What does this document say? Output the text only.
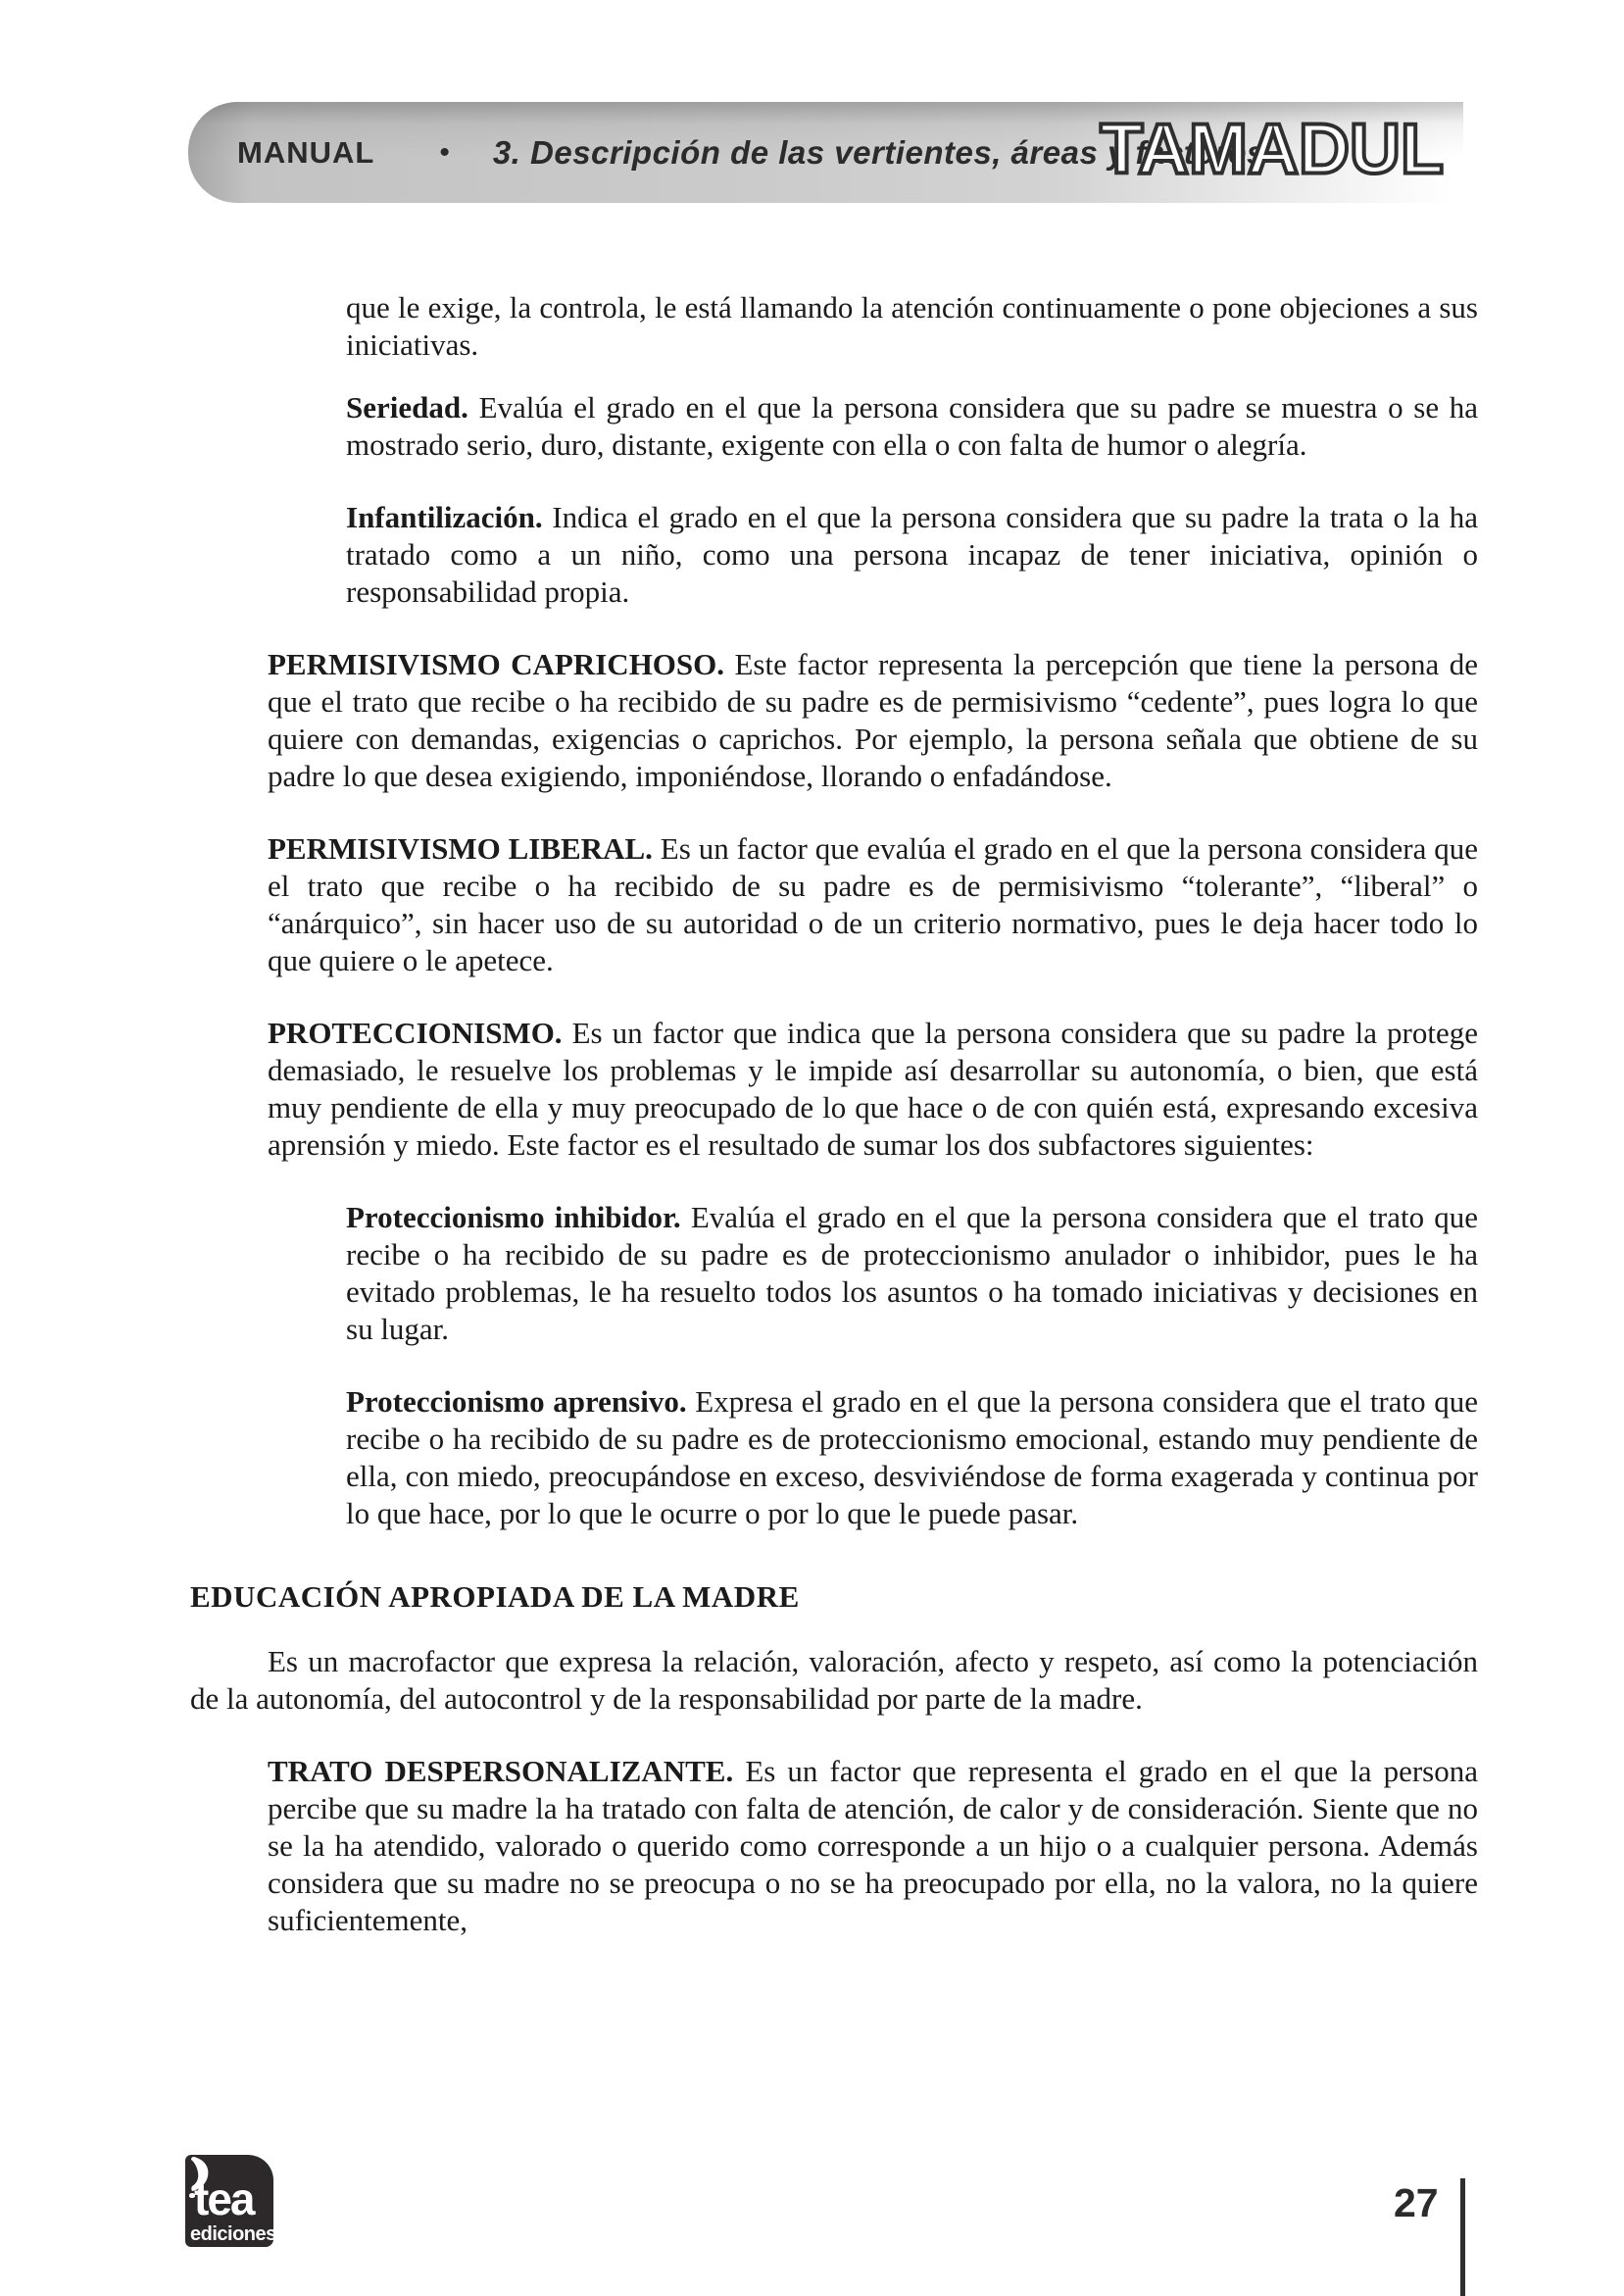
MANUAL • 3. Descripción de las vertientes, áreas y factores
TAMADUL

que le exige, la controla, le está llamando la atención continuamente o pone objeciones a sus iniciativas.

Seriedad. Evalúa el grado en el que la persona considera que su padre se muestra o se ha mostrado serio, duro, distante, exigente con ella o con falta de humor o alegría.

Infantilización. Indica el grado en el que la persona considera que su padre la trata o la ha tratado como a un niño, como una persona incapaz de tener iniciativa, opinión o responsabilidad propia.

PERMISIVISMO CAPRICHOSO. Este factor representa la percepción que tiene la persona de que el trato que recibe o ha recibido de su padre es de permisivismo “cedente”, pues logra lo que quiere con demandas, exigencias o caprichos. Por ejemplo, la persona señala que obtiene de su padre lo que desea exigiendo, imponiéndose, llorando o enfadándose.

PERMISIVISMO LIBERAL. Es un factor que evalúa el grado en el que la persona considera que el trato que recibe o ha recibido de su padre es de permisivismo “tolerante”, “liberal” o “anárquico”, sin hacer uso de su autoridad o de un criterio normativo, pues le deja hacer todo lo que quiere o le apetece.

PROTECCIONISMO. Es un factor que indica que la persona considera que su padre la protege demasiado, le resuelve los problemas y le impide así desarrollar su autonomía, o bien, que está muy pendiente de ella y muy preocupado de lo que hace o de con quién está, expresando excesiva aprensión y miedo. Este factor es el resultado de sumar los dos subfactores siguientes:

Proteccionismo inhibidor. Evalúa el grado en el que la persona considera que el trato que recibe o ha recibido de su padre es de proteccionismo anulador o inhibidor, pues le ha evitado problemas, le ha resuelto todos los asuntos o ha tomado iniciativas y decisiones en su lugar.

Proteccionismo aprensivo. Expresa el grado en el que la persona considera que el trato que recibe o ha recibido de su padre es de proteccionismo emocional, estando muy pendiente de ella, con miedo, preocupándose en exceso, desviviéndose de forma exagerada y continua por lo que hace, por lo que le ocurre o por lo que le puede pasar.

EDUCACIÓN APROPIADA DE LA MADRE

Es un macrofactor que expresa la relación, valoración, afecto y respeto, así como la potenciación de la autonomía, del autocontrol y de la responsabilidad por parte de la madre.

TRATO DESPERSONALIZANTE. Es un factor que representa el grado en el que la persona percibe que su madre la ha tratado con falta de atención, de calor y de consideración. Siente que no se la ha atendido, valorado o querido como corresponde a un hijo o a cualquier persona. Además considera que su madre no se preocupa o no se ha preocupado por ella, no la valora, no la quiere suficientemente,

tea
ediciones
27
